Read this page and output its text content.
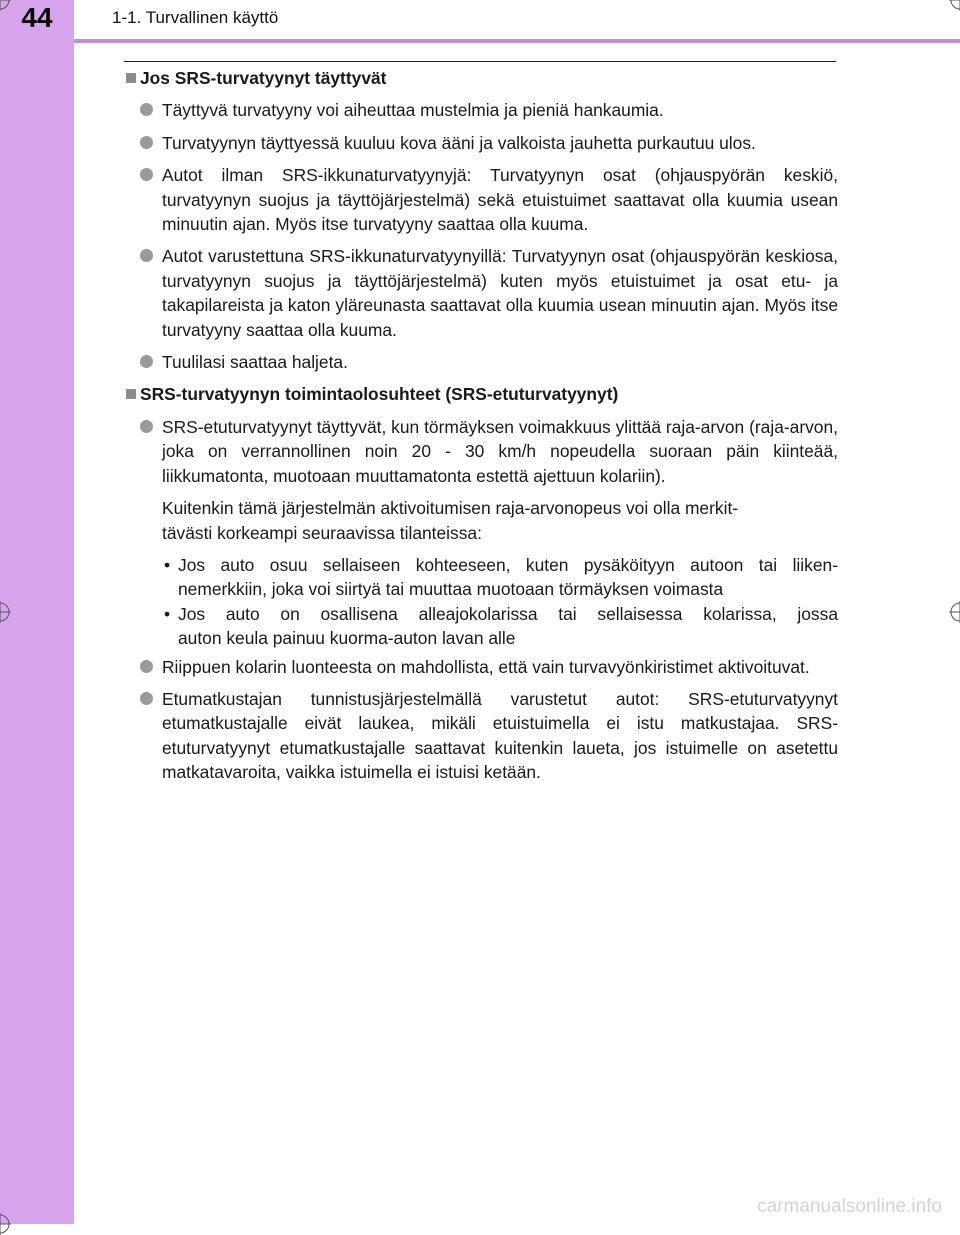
44	1-1. Turvallinen käyttö
Jos SRS-turvatyynyt täyttyvät
Täyttyvä turvatyyny voi aiheuttaa mustelmia ja pieniä hankaumia.
Turvatyynyn täyttyessä kuuluu kova ääni ja valkoista jauhetta purkautuu ulos.
Autot ilman SRS-ikkunaturvatyynyjä: Turvatyynyn osat (ohjauspyörän keskiö, turvatyynyn suojus ja täyttöjärjestelmä) sekä etuistuimet saattavat olla kuumia usean minuutin ajan. Myös itse turvatyyny saattaa olla kuuma.
Autot varustettuna SRS-ikkunaturvatyynyillä: Turvatyynyn osat (ohjauspyörän keskiosa, turvatyynyn suojus ja täyttöjärjestelmä) kuten myös etuistuimet ja osat etu- ja takapilareista ja katon yläreunasta saattavat olla kuumia usean minuutin ajan. Myös itse turvatyyny saattaa olla kuuma.
Tuulilasi saattaa haljeta.
SRS-turvatyynyn toimintaolosuhteet (SRS-etuturvatyynyt)
SRS-etuturvatyynyt täyttyvät, kun törmäyksen voimakkuus ylittää raja-arvon (raja-arvon, joka on verrannollinen noin 20 - 30 km/h nopeudella suoraan päin kiinteää, liikkumatonta, muotoaan muuttamatonta estettä ajettuun kolariin).
Kuitenkin tämä järjestelmän aktivoitumisen raja-arvonopeus voi olla merkit-
tävästi korkeampi seuraavissa tilanteissa:
• Jos auto osuu sellaiseen kohteeseen, kuten pysäköityyn autoon tai liiken-
nemerkkiin, joka voi siirtyä tai muuttaa muotoaan törmäyksen voimasta
• Jos auto on osallisena alleajokolarissa tai sellaisessa kolarissa, jossa
auton keula painuu kuorma-auton lavan alle
Riippuen kolarin luonteesta on mahdollista, että vain turvavyönkiristimet aktivoituvat.
Etumatkustajan tunnistusjärjestelmällä varustetut autot: SRS-etuturvatyynyt etumatkustajalle eivät laukea, mikäli etuistuimella ei istu matkustajaa. SRS-etuturvatyynyt etumatkustajalle saattavat kuitenkin laueta, jos istuimelle on asetettu matkatavaroita, vaikka istuimella ei istuisi ketään.
carmanualsonline.info
